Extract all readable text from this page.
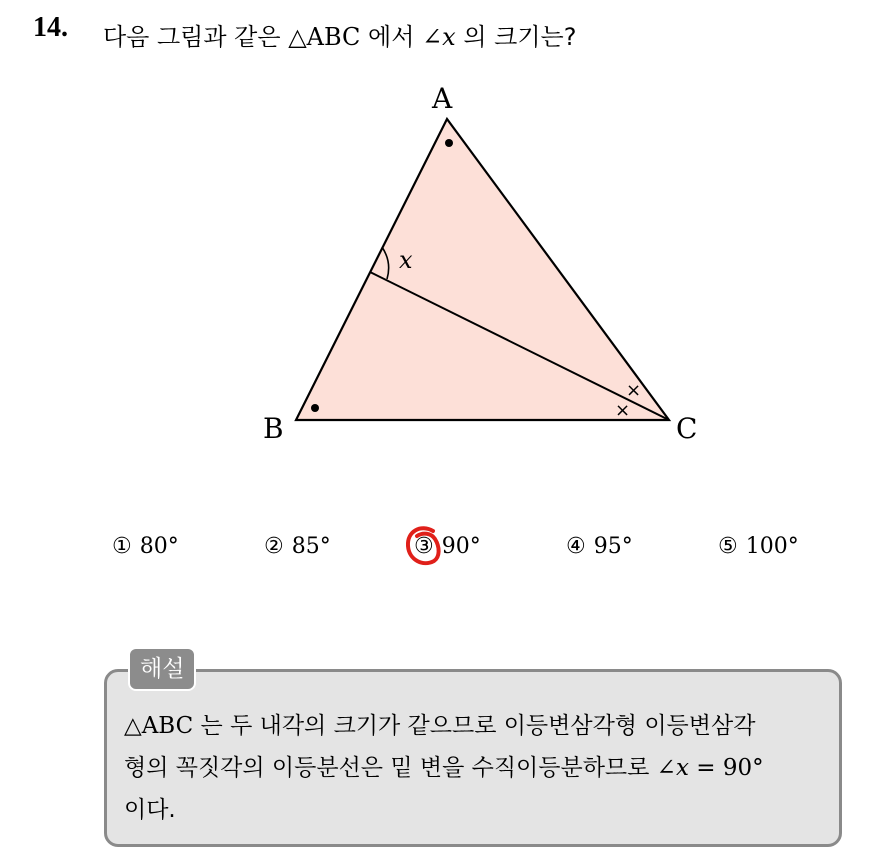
14. 다음 그림과 같은 △ABC 에서 ∠x 의 크기는?
×
×
A
B	C
x
① 80°	② 85°	③ 90°	④ 95°	⑤ 100°
해설
△ABC 는 두 내각의 크기가 같으므로 이등변삼각형 이등변삼각
형의 꼭짓각의 이등분선은 밑 변을 수직이등분하므로 ∠x = 90°
이다.
